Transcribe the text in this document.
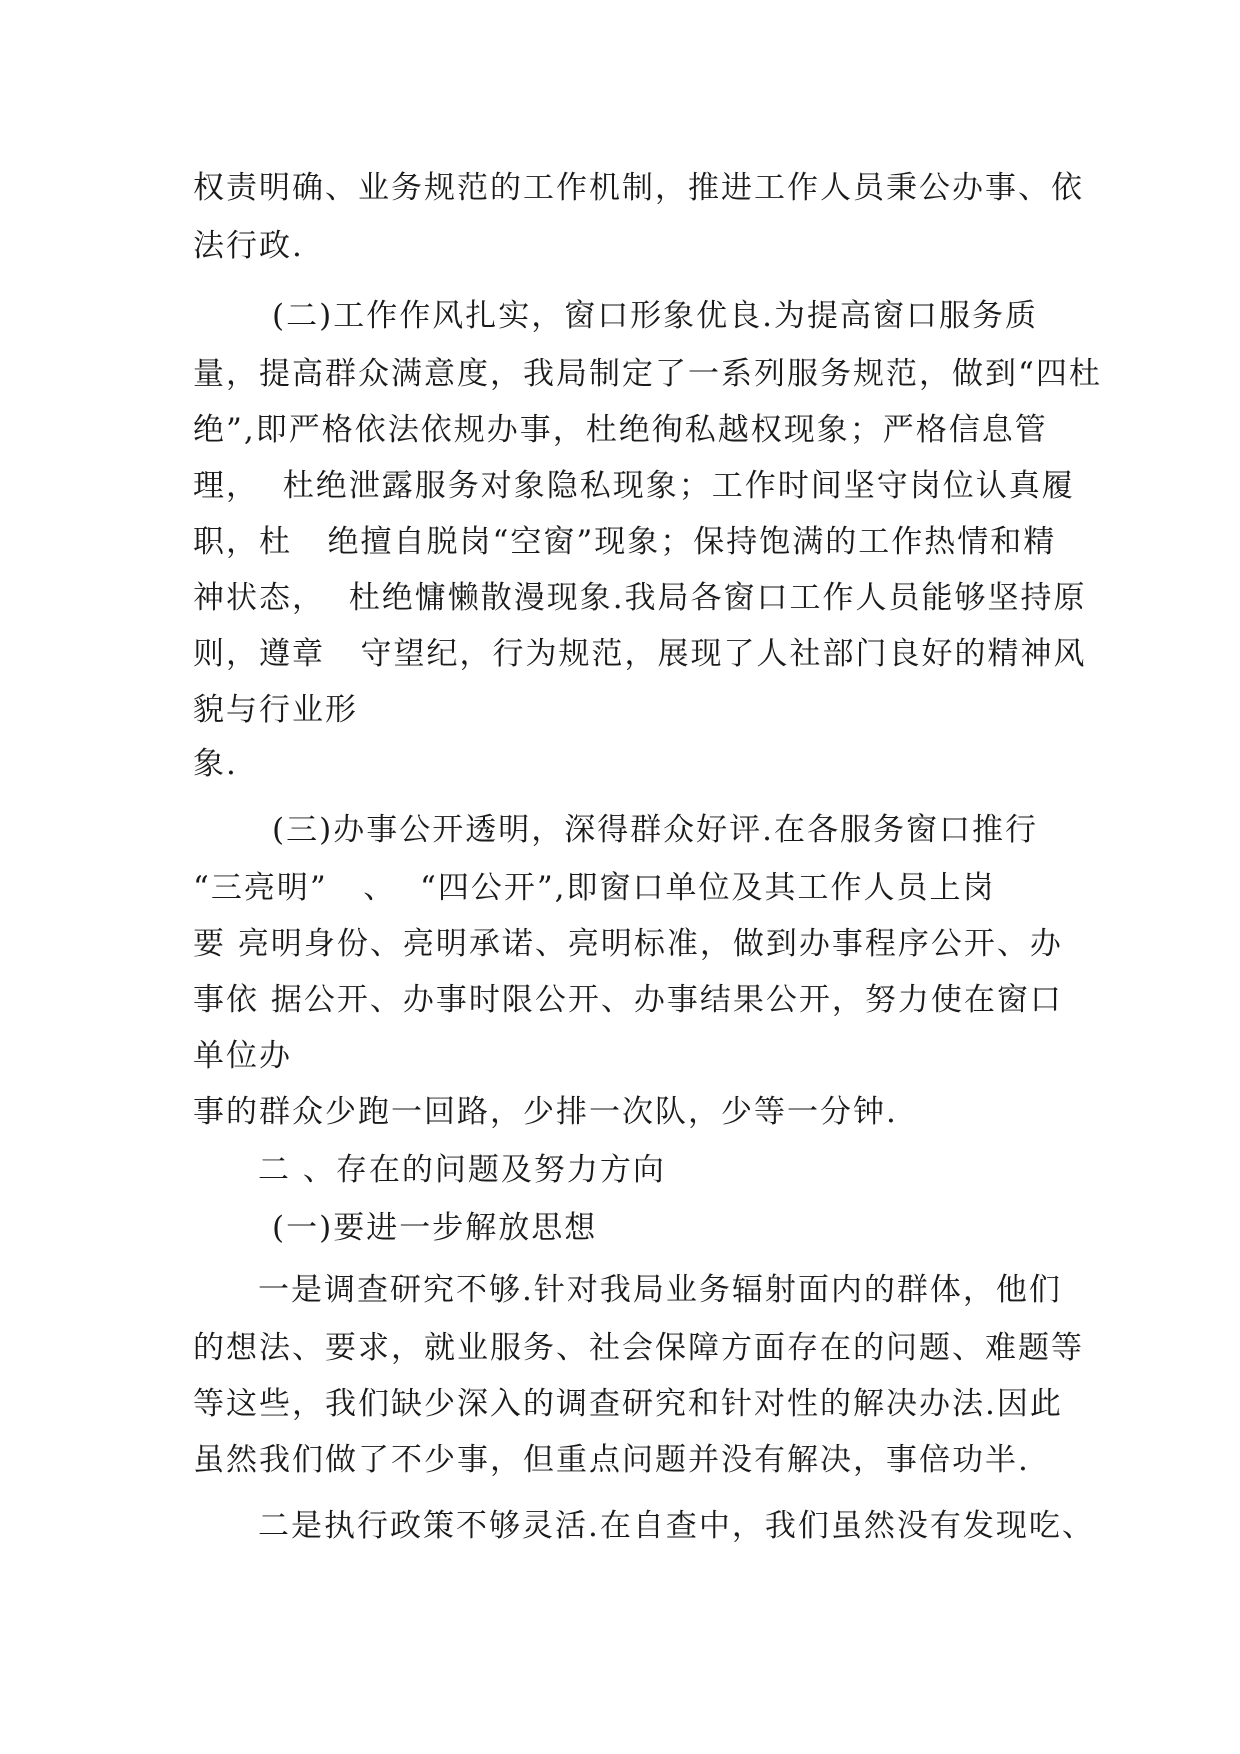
权责明确、业务规范的工作机制，推进工作人员秉公办事、依
法行政.
(二)工作作风扎实，窗口形象优良.为提高窗口服务质
量，提高群众满意度，我局制定了一系列服务规范，做到“四杜
绝”,即严格依法依规办事，杜绝徇私越权现象；严格信息管
理，  杜绝泄露服务对象隐私现象；工作时间坚守岗位认真履
职，杜   绝擅自脱岗“空窗”现象；保持饱满的工作热情和精
神状态，  杜绝慵懒散漫现象.我局各窗口工作人员能够坚持原
则，遵章   守望纪，行为规范，展现了人社部门良好的精神风
貌与行业形
象.
(三)办事公开透明，深得群众好评.在各服务窗口推行
“三亮明”   、  “四公开”,即窗口单位及其工作人员上岗
要 亮明身份、亮明承诺、亮明标准，做到办事程序公开、办
事依 据公开、办事时限公开、办事结果公开，努力使在窗口
单位办
事的群众少跑一回路，少排一次队，少等一分钟.
二 、存在的问题及努力方向
(一)要进一步解放思想
一是调查研究不够.针对我局业务辐射面内的群体，他们
的想法、要求，就业服务、社会保障方面存在的问题、难题等
等这些，我们缺少深入的调查研究和针对性的解决办法.因此
虽然我们做了不少事，但重点问题并没有解决，事倍功半.
二是执行政策不够灵活.在自查中，我们虽然没有发现吃、
